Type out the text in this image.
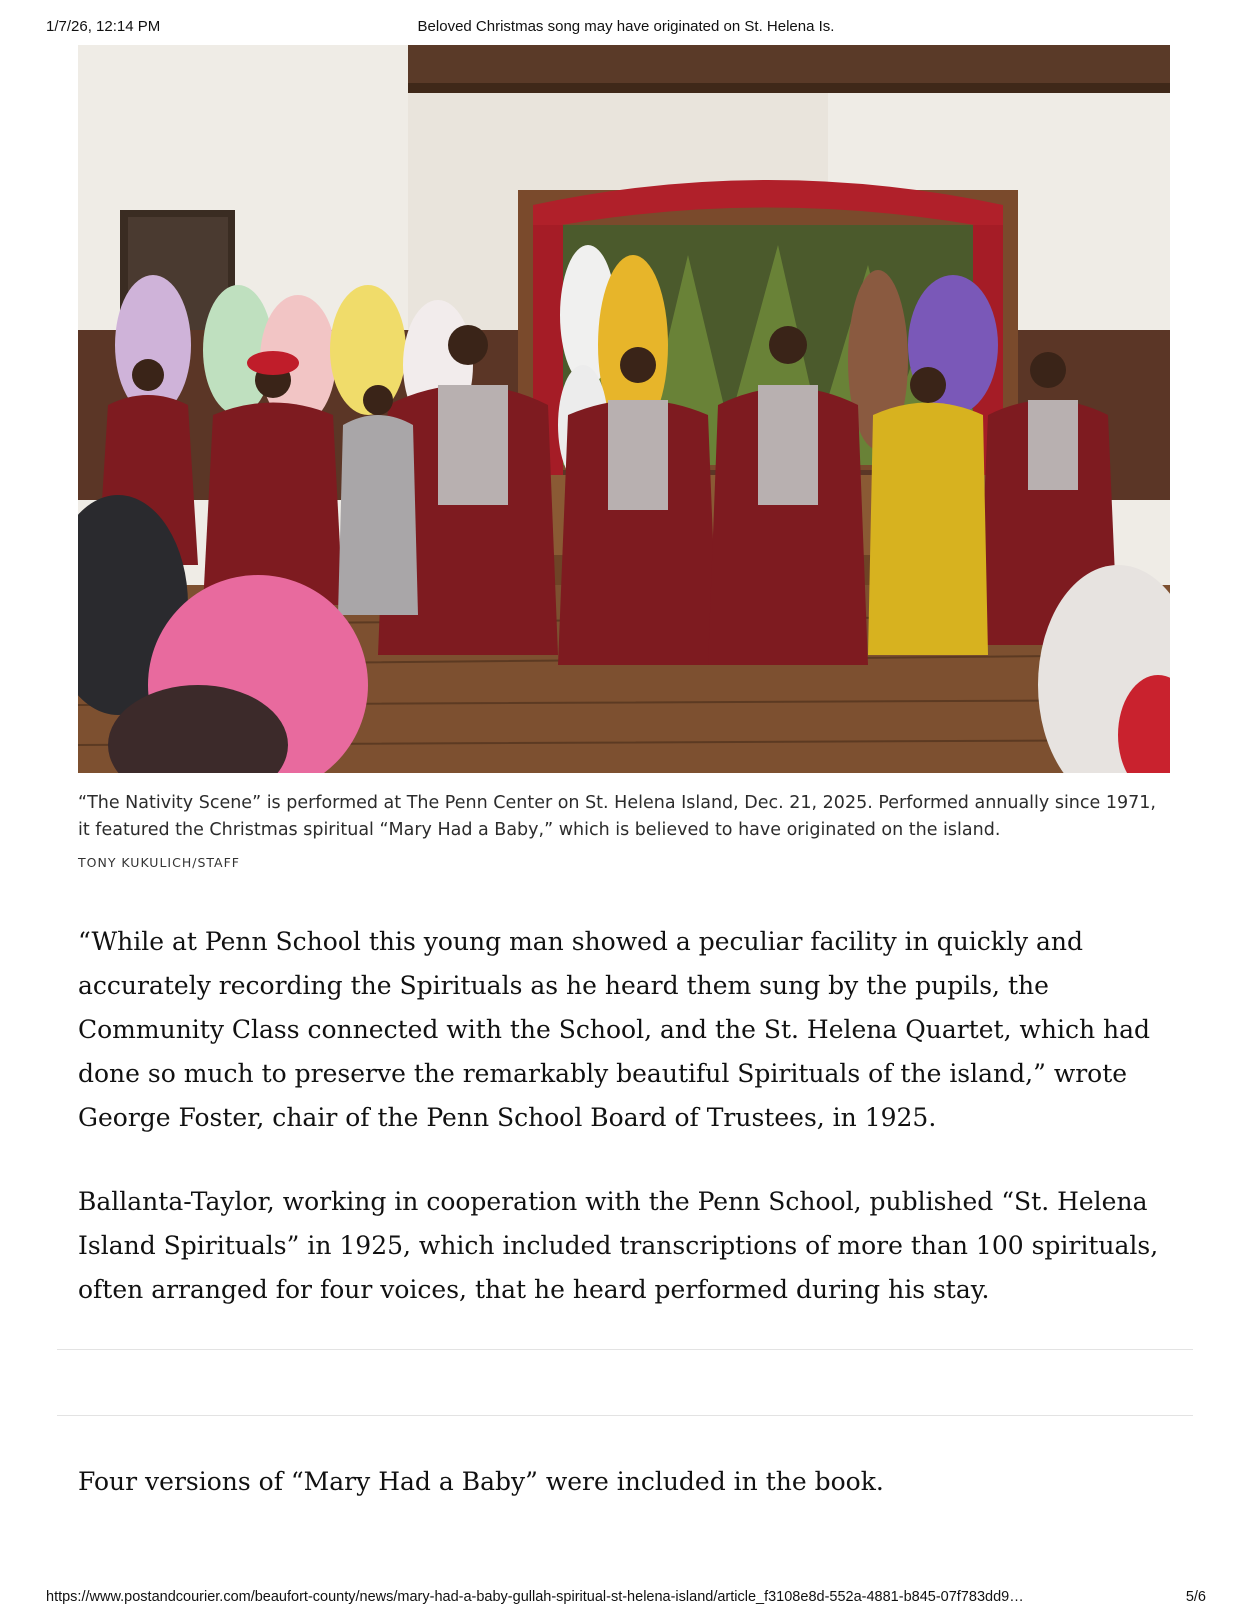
1/7/26, 12:14 PM	Beloved Christmas song may have originated on St. Helena Is.
“The Nativity Scene” is performed at The Penn Center on St. Helena Island, Dec. 21, 2025. Performed annually since 1971, it featured the Christmas spiritual “Mary Had a Baby,” which is believed to have originated on the island.
TONY KUKULICH/STAFF

“While at Penn School this young man showed a peculiar facility in quickly and accurately recording the Spirituals as he heard them sung by the pupils, the Community Class connected with the School, and the St. Helena Quartet, which had done so much to preserve the remarkably beautiful Spirituals of the island,” wrote George Foster, chair of the Penn School Board of Trustees, in 1925.

Ballanta-Taylor, working in cooperation with the Penn School, published “St. Helena Island Spirituals” in 1925, which included transcriptions of more than 100 spirituals, often arranged for four voices, that he heard performed during his stay.

Four versions of “Mary Had a Baby” were included in the book.

https://www.postandcourier.com/beaufort-county/news/mary-had-a-baby-gullah-spiritual-st-helena-island/article_f3108e8d-552a-4881-b845-07f783dd9…	5/6
